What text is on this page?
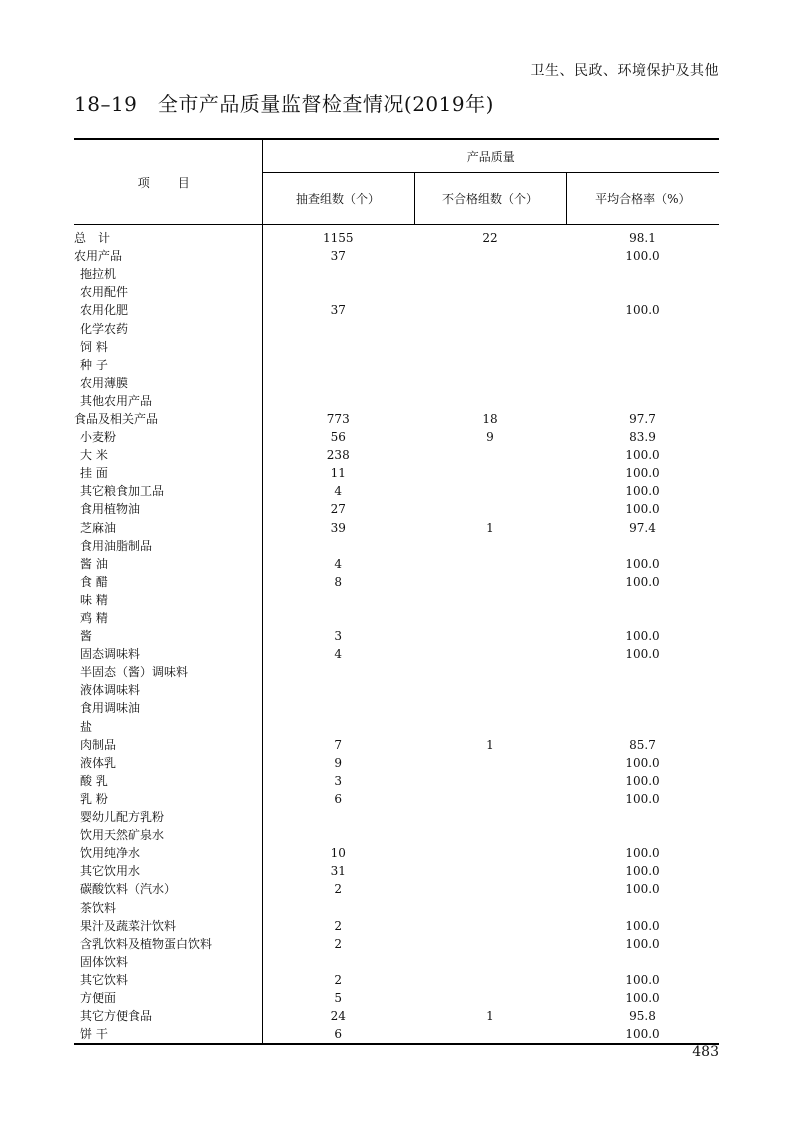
卫生、民政、环境保护及其他
18–19　全市产品质量监督检查情况(2019年)
项　目	产品质量		
	抽查组数（个）	不合格组数（个）	平均合格率（%）
总　计	1155	22	98.1
农用产品	37		100.0
拖拉机			
农用配件			
农用化肥	37		100.0
化学农药			
饲 料			
种 子			
农用薄膜			
其他农用产品			
食品及相关产品	773	18	97.7
小麦粉	56	9	83.9
大 米	238		100.0
挂 面	11		100.0
其它粮食加工品	4		100.0
食用植物油	27		100.0
芝麻油	39	1	97.4
食用油脂制品			
酱 油	4		100.0
食 醋	8		100.0
味 精			
鸡 精			
酱	3		100.0
固态调味料	4		100.0
半固态（酱）调味料			
液体调味料			
食用调味油			
盐			
肉制品	7	1	85.7
液体乳	9		100.0
酸 乳	3		100.0
乳 粉	6		100.0
婴幼儿配方乳粉			
饮用天然矿泉水			
饮用纯净水	10		100.0
其它饮用水	31		100.0
碳酸饮料（汽水）	2		100.0
茶饮料			
果汁及蔬菜汁饮料	2		100.0
含乳饮料及植物蛋白饮料	2		100.0
固体饮料			
其它饮料	2		100.0
方便面	5		100.0
其它方便食品	24	1	95.8
饼 干	6		100.0
483
